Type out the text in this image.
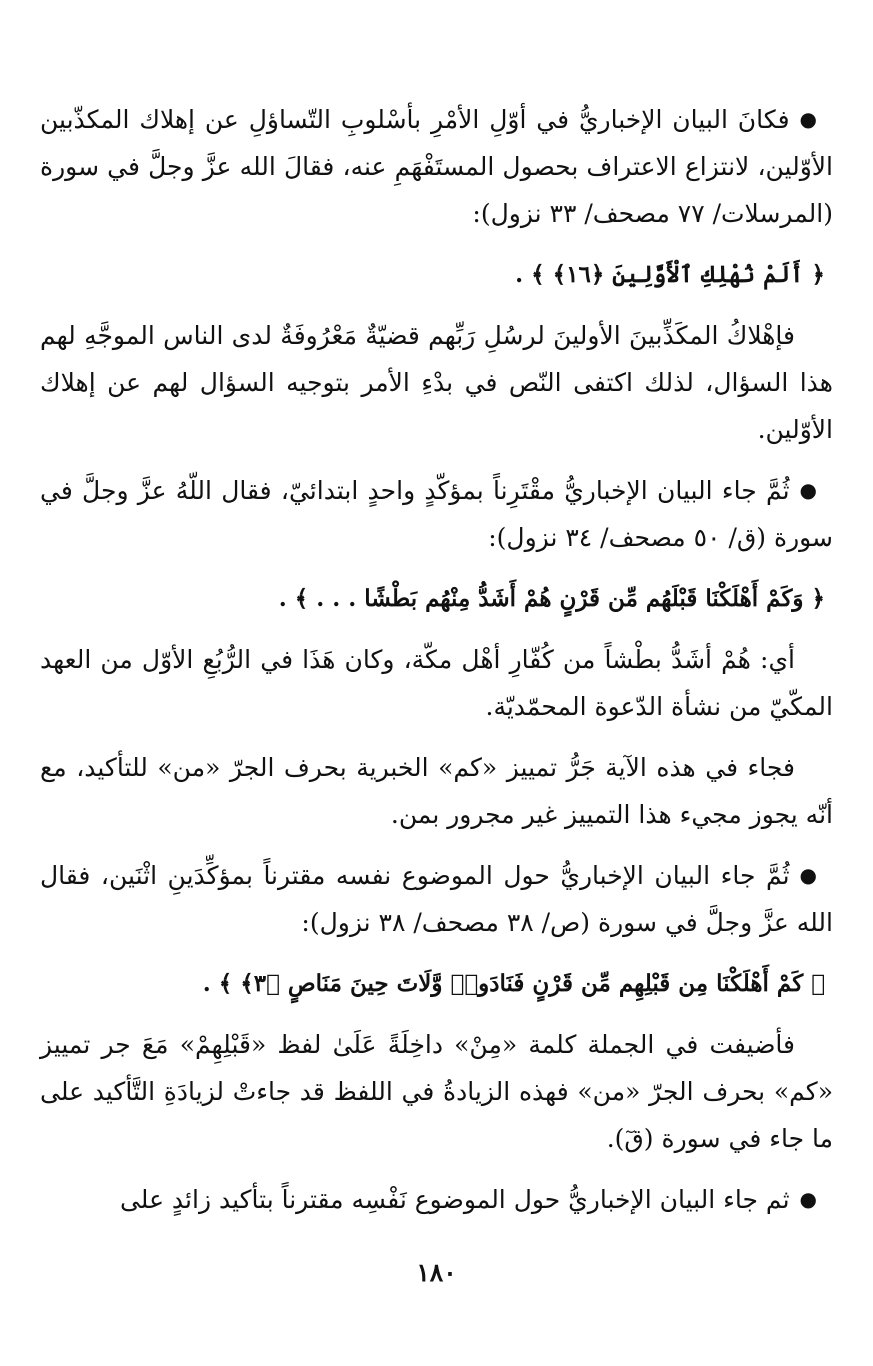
●فكانَ البيان الإخباريُّ في أوّلِ الأمْرِ بأسْلوبِ التّساؤلِ عن إهلاك المكذّبين الأوّلين، لانتزاع الاعتراف بحصول المستَفْهَمِ عنه، فقالَ الله عزَّ وجلَّ في سورة (المرسلات/ ٧٧ مصحف/ ٣٣ نزول):

﴿ أَلَمْ نُهْلِكِ ٱلْأَوَّلِينَ ﴿١٦﴾ ﴾ .

فإهْلاكُ المكَذِّبينَ الأولينَ لرسُلِ رَبِّهم قضيّةٌ مَعْرُوفَةٌ لدى الناس الموجَّهِ لهم هذا السؤال، لذلك اكتفى النّص في بدْءِ الأمر بتوجيه السؤال لهم عن إهلاك الأوّلين.

●ثُمَّ جاء البيان الإخباريُّ مقْتَرِناً بمؤكّدٍ واحدٍ ابتدائيّ، فقال اللّهُ عزَّ وجلَّ في سورة (ق/ ٥٠ مصحف/ ٣٤ نزول):

﴿ وَكَمْ أَهْلَكْنَا قَبْلَهُم مِّن قَرْنٍ هُمْ أَشَدُّ مِنْهُم بَطْشًا . . . ﴾ .

أي: هُمْ أشَدُّ بطْشاً من كُفّارِ أهْل مكّة، وكان هَذَا في الرُّبُعِ الأوّل من العهد المكّيّ من نشأة الدّعوة المحمّديّة.

فجاء في هذه الآية جَرُّ تمييز «كم» الخبرية بحرف الجرّ «من» للتأكيد، مع أنّه يجوز مجيء هذا التمييز غير مجرور بمن.

●ثُمَّ جاء البيان الإخباريُّ حول الموضوع نفسه مقترناً بمؤكِّدَينِ اثْنَين، فقال الله عزَّ وجلَّ في سورة (ص/ ٣٨ مصحف/ ٣٨ نزول):

﴿ كَمْ أَهْلَكْنَا مِن قَبْلِهِم مِّن قَرْنٍ فَنَادَوا۟ وَّلَاتَ حِينَ مَنَاصٍ ﴿٣﴾ ﴾ .

فأضيفت في الجملة كلمة «مِنْ» داخِلَةً عَلَىٰ لفظ «قَبْلِهِمْ» مَعَ جر تمييز «كم» بحرف الجرّ «من» فهذه الزيادةُ في اللفظ قد جاءتْ لزيادَةِ التَّأكيد على ما جاء في سورة (قٓ).

●ثم جاء البيان الإخباريُّ حول الموضوع نَفْسِه مقترناً بتأكيد زائدٍ على

١٨٠
